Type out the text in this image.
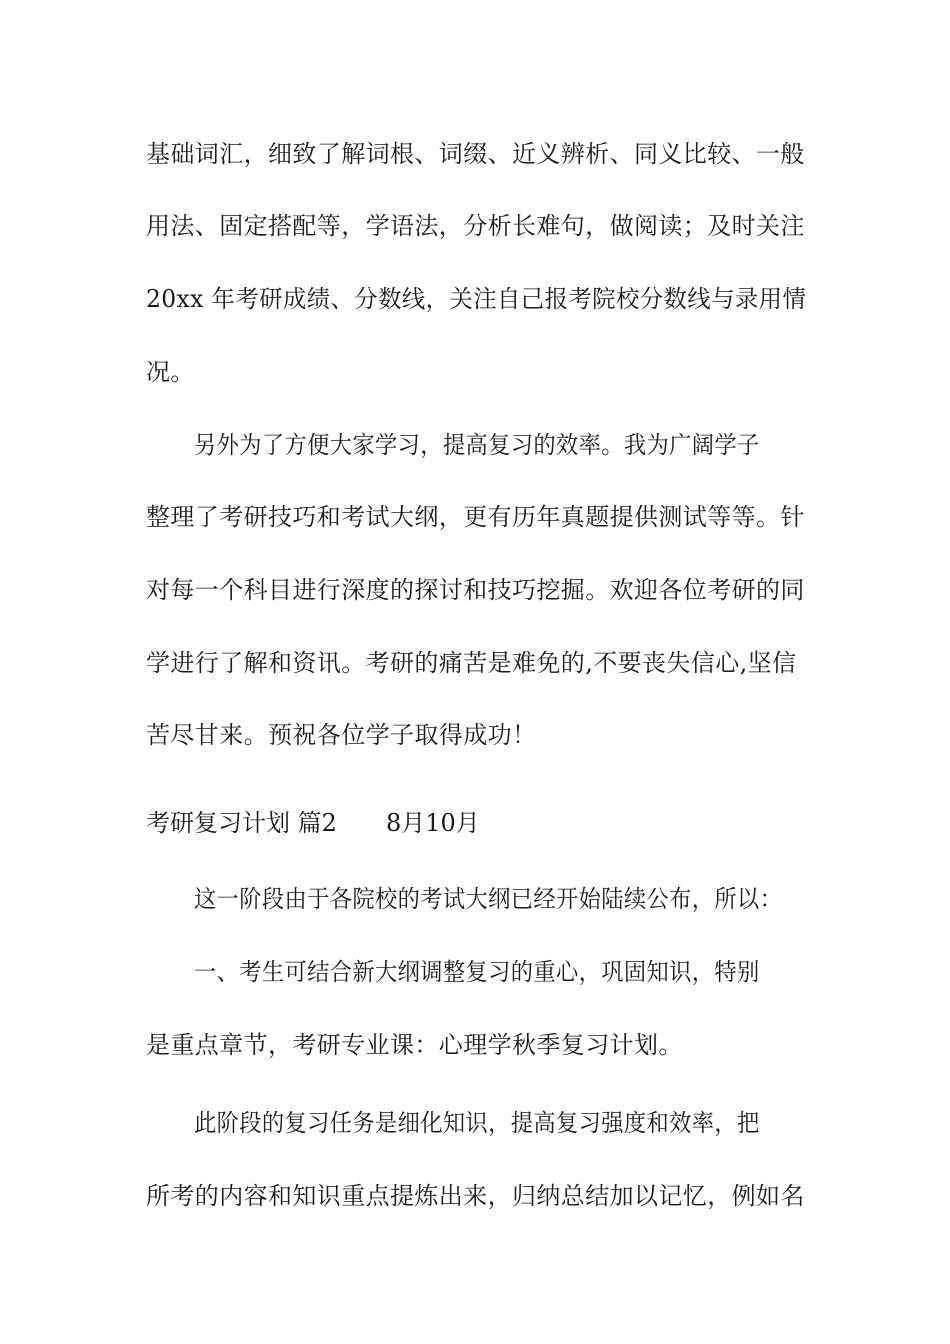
基础词汇，细致了解词根、词缀、近义辨析、同义比较、一般
用法、固定搭配等，学语法，分析长难句，做阅读；及时关注
20xx 年考研成绩、分数线，关注自己报考院校分数线与录用情
况。
另外为了方便大家学习，提高复习的效率。我为广阔学子
整理了考研技巧和考试大纲，更有历年真题提供测试等等。针
对每一个科目进行深度的探讨和技巧挖掘。欢迎各位考研的同
学进行了解和资讯。考研的痛苦是难免的,不要丧失信心,坚信
苦尽甘来。预祝各位学子取得成功！
考研复习计划 篇2 8月10月
这一阶段由于各院校的考试大纲已经开始陆续公布，所以：
一、考生可结合新大纲调整复习的重心，巩固知识，特别
是重点章节，考研专业课：心理学秋季复习计划。
此阶段的复习任务是细化知识，提高复习强度和效率，把
所考的内容和知识重点提炼出来，归纳总结加以记忆，例如名
